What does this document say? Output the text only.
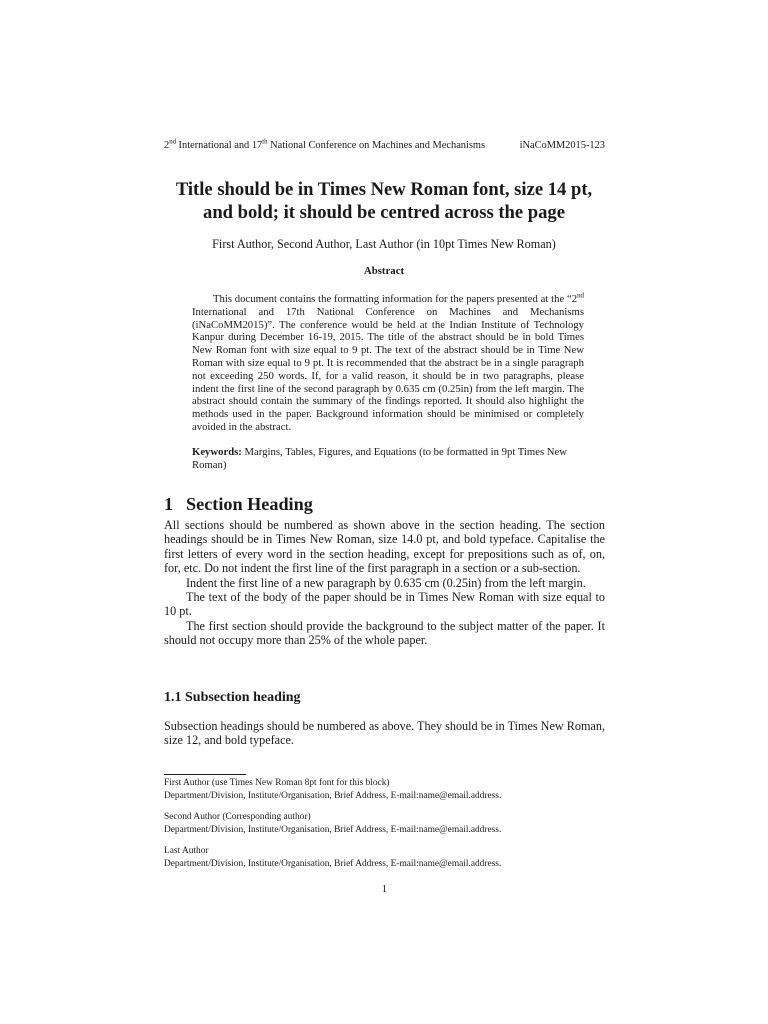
2nd International and 17th National Conference on Machines and Mechanisms	iNaCoMM2015-123
Title should be in Times New Roman font, size 14 pt,
and bold; it should be centred across the page
First Author, Second Author, Last Author (in 10pt Times New Roman)
Abstract

This document contains the formatting information for the papers presented at the “2nd International and 17th National Conference on Machines and Mechanisms (iNaCoMM2015)”. The conference would be held at the Indian Institute of Technology Kanpur during December 16-19, 2015. The title of the abstract should be in bold Times New Roman font with size equal to 9 pt. The text of the abstract should be in Time New Roman with size equal to 9 pt. It is recommended that the abstract be in a single paragraph not exceeding 250 words. If, for a valid reason, it should be in two paragraphs, please indent the first line of the second paragraph by 0.635 cm (0.25in) from the left margin. The abstract should contain the summary of the findings reported. It should also highlight the methods used in the paper. Background information should be minimised or completely avoided in the abstract.

Keywords: Margins, Tables, Figures, and Equations (to be formatted in 9pt Times New Roman)

1 Section Heading

All sections should be numbered as shown above in the section heading. The section headings should be in Times New Roman, size 14.0 pt, and bold typeface. Capitalise the first letters of every word in the section heading, except for prepositions such as of, on, for, etc. Do not indent the first line of the first paragraph in a section or a sub-section.

Indent the first line of a new paragraph by 0.635 cm (0.25in) from the left margin.

The text of the body of the paper should be in Times New Roman with size equal to 10 pt.

The first section should provide the background to the subject matter of the paper. It should not occupy more than 25% of the whole paper.

1.1 Subsection heading

Subsection headings should be numbered as above. They should be in Times New Roman, size 12, and bold typeface.

First Author (use Times New Roman 8pt font for this block)
Department/Division, Institute/Organisation, Brief Address, E-mail:name@email.address.
Second Author (Corresponding author)
Department/Division, Institute/Organisation, Brief Address, E-mail:name@email.address.
Last Author
Department/Division, Institute/Organisation, Brief Address, E-mail:name@email.address.
1
